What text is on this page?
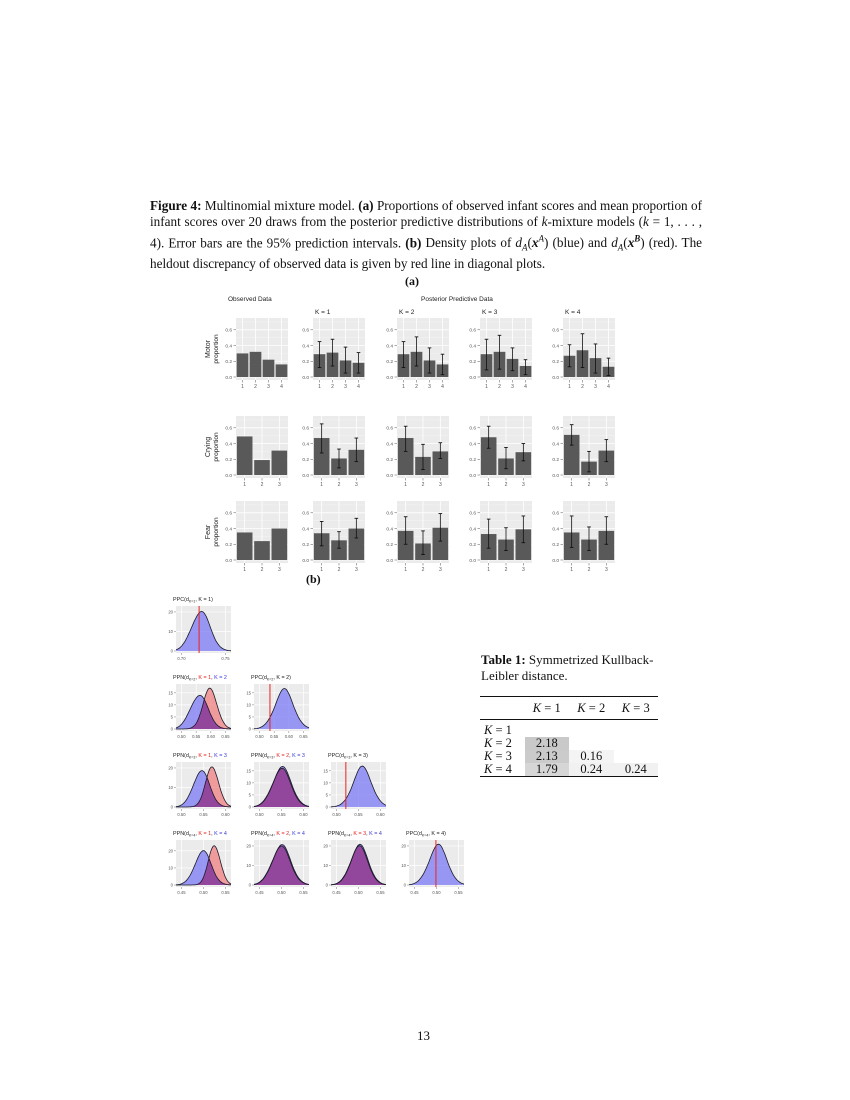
Figure 4: Multinomial mixture model. (a) Proportions of observed infant scores and mean proportion of infant scores over 20 draws from the posterior predictive distributions of k-mixture models (k = 1, . . . , 4). Error bars are the 95% prediction intervals. (b) Density plots of $d_A(x^A)$ (blue) and $d_A(x^B)$ (red). The heldout discrepancy of observed data is given by red line in diagonal plots.
(a)
(b)
Observed Data	Posterior Predictive Data
K = 1	K = 2	K = 3	K = 4
Motor proportion
0.0
0.2
0.4
0.6
1 2 3 4
0.0
0.2
0.4
0.6
1 2 3 4
0.0
0.2
0.4
0.6
1 2 3 4
0.0
0.2
0.4
0.6
1 2 3 4
0.0
0.2
0.4
0.6
1 2 3 4
Crying proportion
0.0
0.2
0.4
0.6
1	2	3
0.0
0.2
0.4
0.6
1	2	3
0.0
0.2
0.4
0.6
1	2	3
0.0
0.2
0.4
0.6
1	2	3
0.0
0.2
0.4
0.6
1	2	3
Fear proportion
0.0
0.2
0.4
0.6
1	2	3
0.0
0.2
0.4
0.6
1	2	3
0.0
0.2
0.4
0.6
1	2	3
0.0
0.2
0.4
0.6
1	2	3
0.0
0.2
0.4
0.6
1	2	3
$PPC(d_{K=1}$, K = 1)
0.70	0.75
0
10
20
$PPN(d_{K=2}$, K = 1, K = 2
0.50 0.55 0.60 0.65
0
5
10
15
$PPC(d_{K=2}$, K = 2)
0.50 0.55 0.60 0.65
0
5
10
15
$PPN(d_{K=3}$, K = 1, K = 3
0.50	0.55	0.60
0
10
20
$PPN(d_{K=3}$, K = 2, K = 3
0.50	0.55	0.60
0
5
10
15
$PPC(d_{K=3}$, K = 3)
0.50	0.55	0.60
0
5
10
15
$PPN(d_{K=4}$, K = 1, K = 4
0.45	0.50	0.55
0
10
20
$PPN(d_{K=4}$, K = 2, K = 4
0.45	0.50	0.55
0
10
20
$PPN(d_{K=4}$, K = 3, K = 4
0.45	0.50	0.55
0
10
20
$PPC(d_{K=4}$, K = 4)
0.45	0.50	0.55
0
10
20
Table 1: Symmetrized Kullback-Leibler distance.
	K = 1	K = 2	K = 3
K = 1			
K = 2	2.18		
K = 3	2.13	0.16	
K = 4	1.79	0.24	0.24
13
